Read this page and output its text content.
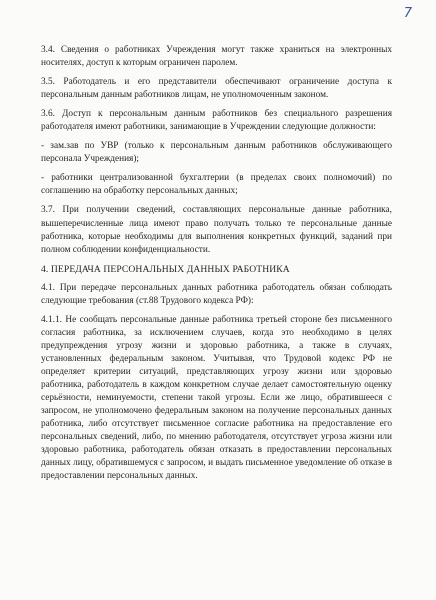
7

3.4. Сведения о работниках Учреждения могут также храниться на электронных носителях, доступ к которым ограничен паролем.

3.5. Работодатель и его представители обеспечивают ограничение доступа к персональным данным работников лицам, не уполномоченным законом.

3.6. Доступ к персональным данным работников без специального разрешения работодателя имеют работники, занимающие в Учреждении следующие должности:

- зам.зав по УВР (только к персональным данным работников обслуживающего персонала Учреждения);

- работники централизованной бухгалтерии (в пределах своих полномочий) по соглашению на обработку персональных данных;

3.7. При получении сведений, составляющих персональные данные работника, вышеперечисленные лица имеют право получать только те персональные данные работника, которые необходимы для выполнения конкретных функций, заданий при полном соблюдении конфиденциальности.

4. ПЕРЕДАЧА ПЕРСОНАЛЬНЫХ ДАННЫХ РАБОТНИКА

4.1. При передаче персональных данных работника работодатель обязан соблюдать следующие требования (ст.88 Трудового кодекса РФ):

4.1.1. Не сообщать персональные данные работника третьей стороне без письменного согласия работника, за исключением случаев, когда это необходимо в целях предупреждения угрозу жизни и здоровью работника, а также в случаях, установленных федеральным законом. Учитывая, что Трудовой кодекс РФ не определяет критерии ситуаций, представляющих угрозу жизни или здоровью работника, работодатель в каждом конкретном случае делает самостоятельную оценку серьёзности, неминуемости, степени такой угрозы. Если же лицо, обратившееся с запросом, не уполномочено федеральным законом на получение персональных данных работника, либо отсутствует письменное согласие работника на предоставление его персональных сведений, либо, по мнению работодателя, отсутствует угроза жизни или здоровью работника, работодатель обязан отказать в предоставлении персональных данных лицу, обратившемуся с запросом, и выдать письменное уведомление об отказе в предоставлении персональных данных.
